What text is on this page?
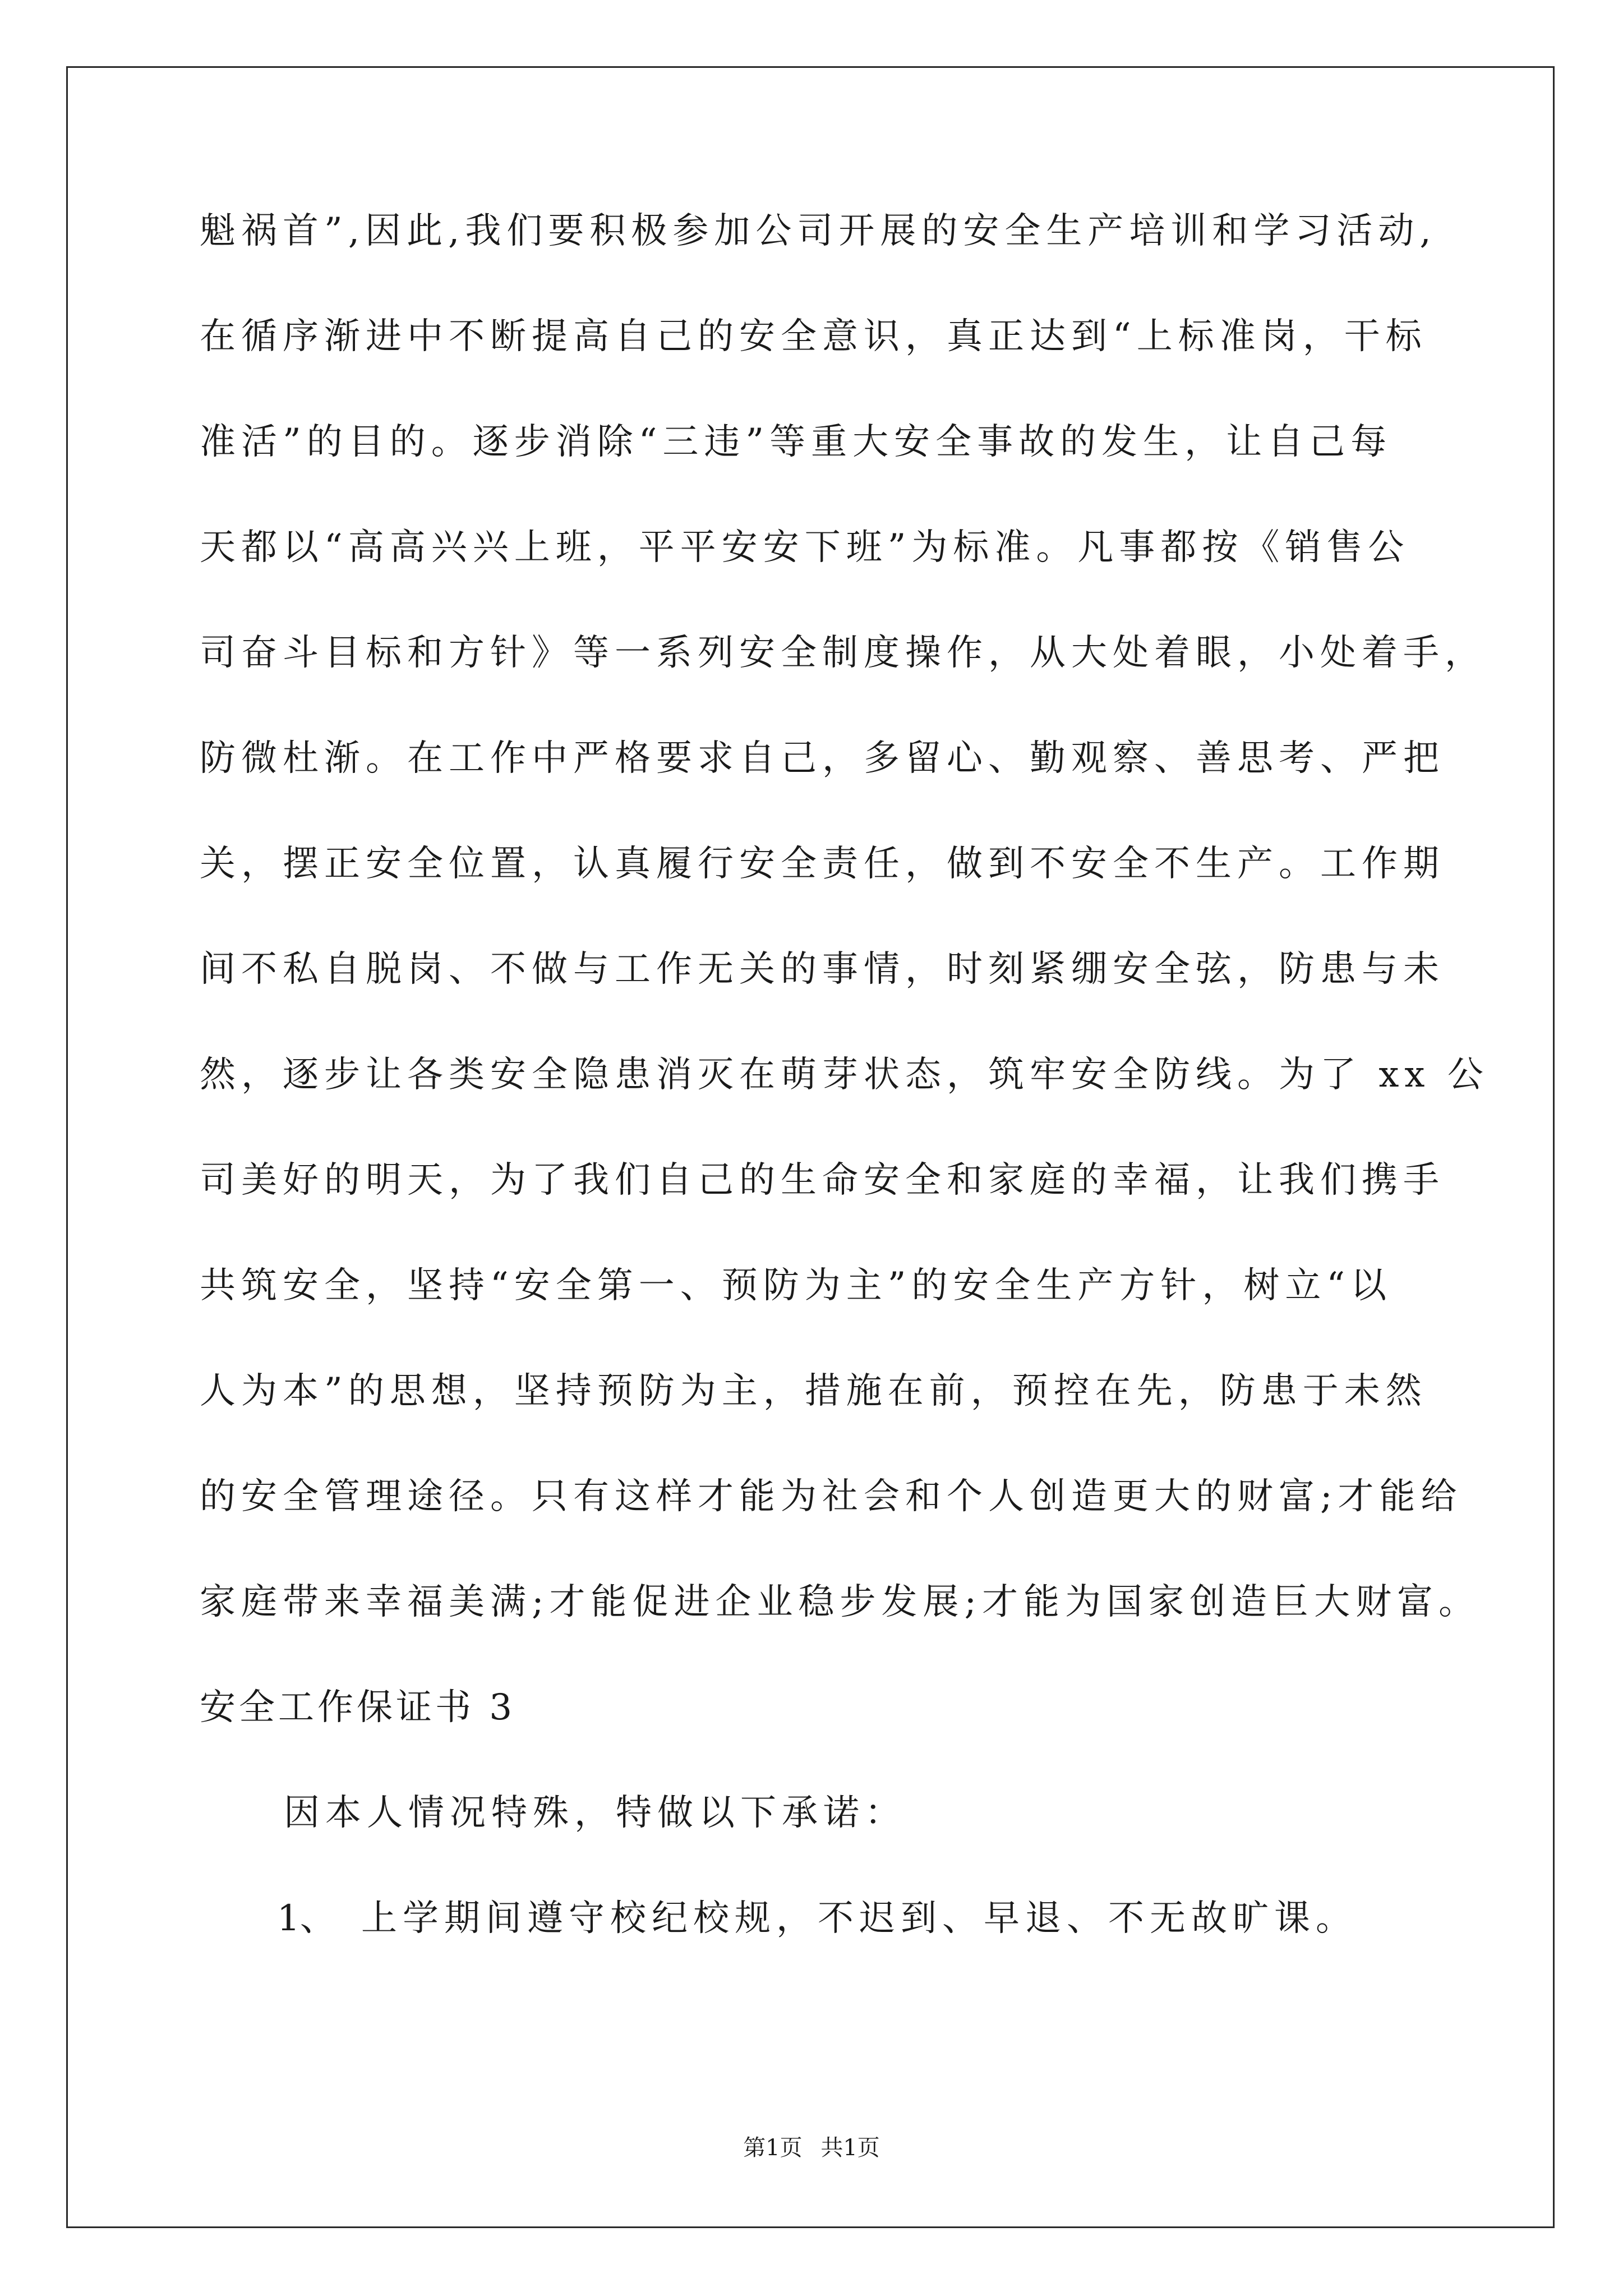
魁祸首”,因此,我们要积极参加公司开展的安全生产培训和学习活动,
在循序渐进中不断提高自己的安全意识，真正达到“上标准岗，干标
准活”的目的。逐步消除“三违”等重大安全事故的发生，让自己每
天都以“高高兴兴上班，平平安安下班”为标准。凡事都按《销售公
司奋斗目标和方针》等一系列安全制度操作，从大处着眼，小处着手，
防微杜渐。在工作中严格要求自己，多留心、勤观察、善思考、严把
关，摆正安全位置，认真履行安全责任，做到不安全不生产。工作期
间不私自脱岗、不做与工作无关的事情，时刻紧绷安全弦，防患与未
然，逐步让各类安全隐患消灭在萌芽状态，筑牢安全防线。为了 xx 公
司美好的明天，为了我们自己的生命安全和家庭的幸福，让我们携手
共筑安全，坚持“安全第一、预防为主”的安全生产方针，树立“以
人为本”的思想，坚持预防为主，措施在前，预控在先，防患于未然
的安全管理途径。只有这样才能为社会和个人创造更大的财富;才能给
家庭带来幸福美满;才能促进企业稳步发展;才能为国家创造巨大财富。
安全工作保证书 3
因本人情况特殊，特做以下承诺：
1、 上学期间遵守校纪校规，不迟到、早退、不无故旷课。
第1页 共1页
